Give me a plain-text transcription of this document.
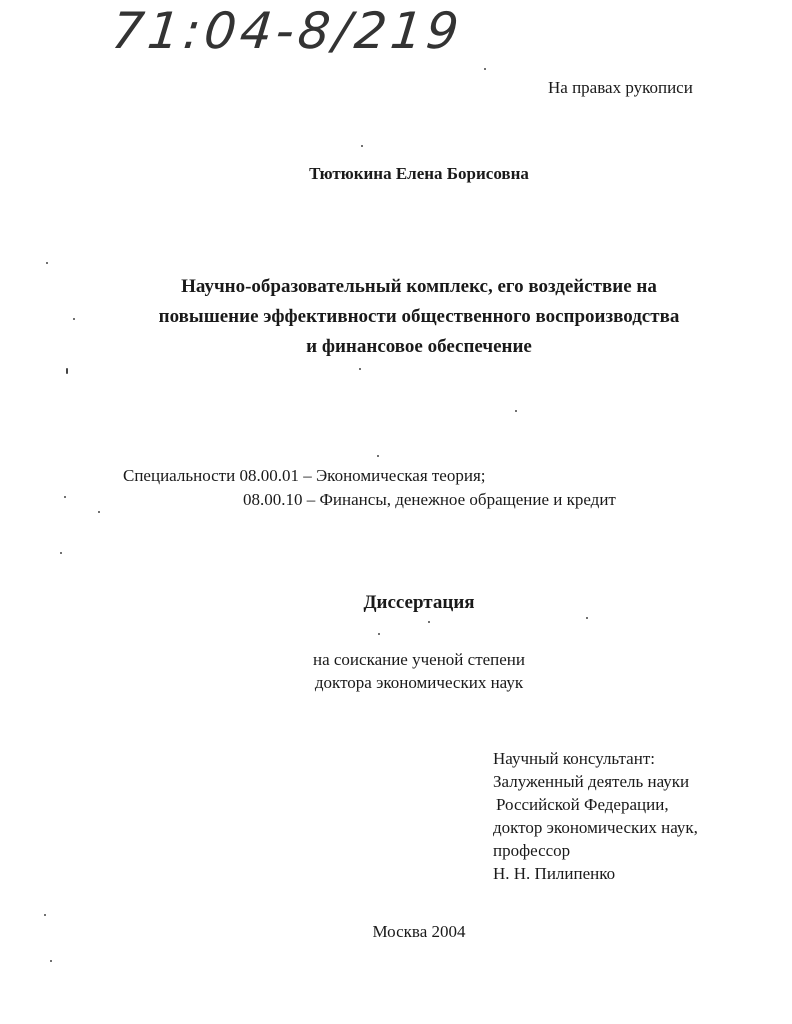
71:04-8/219
На правах рукописи
Тютюкина Елена Борисовна
Научно-образовательный комплекс, его воздействие на
повышение эффективности общественного воспроизводства
и финансовое обеспечение
Специальности 08.00.01 – Экономическая теория;
08.00.10 – Финансы, денежное обращение и кредит
Диссертация
на соискание ученой степени
доктора экономических наук
Научный консультант:
Залуженный деятель науки
Российской Федерации,
доктор экономических наук,
профессор
Н. Н. Пилипенко
Москва 2004
